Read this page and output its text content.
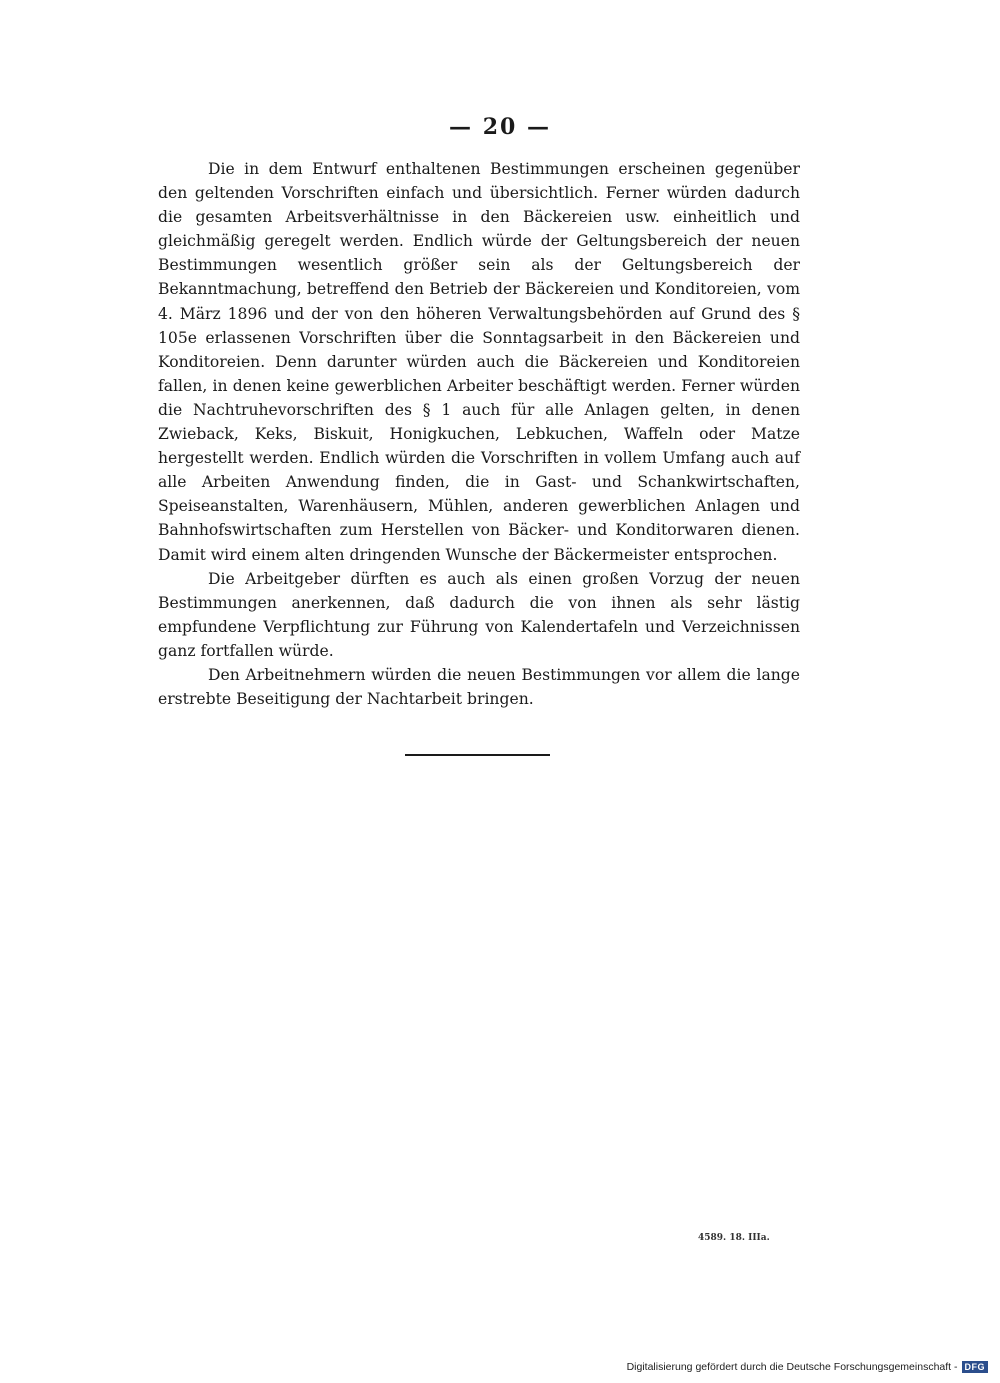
— 20 —

Die in dem Entwurf enthaltenen Bestimmungen erscheinen gegenüber den geltenden Vorschriften einfach und übersichtlich. Ferner würden dadurch die gesamten Arbeitsverhältnisse in den Bäckereien usw. einheitlich und gleichmäßig geregelt werden. Endlich würde der Geltungsbereich der neuen Bestimmungen wesentlich größer sein als der Geltungsbereich der Bekanntmachung, betreffend den Betrieb der Bäckereien und Konditoreien, vom 4. März 1896 und der von den höheren Verwaltungsbehörden auf Grund des § 105e erlassenen Vorschriften über die Sonntagsarbeit in den Bäckereien und Konditoreien. Denn darunter würden auch die Bäckereien und Konditoreien fallen, in denen keine gewerblichen Arbeiter beschäftigt werden. Ferner würden die Nachtruhevorschriften des § 1 auch für alle Anlagen gelten, in denen Zwieback, Keks, Biskuit, Honigkuchen, Lebkuchen, Waffeln oder Matze hergestellt werden. Endlich würden die Vorschriften in vollem Umfang auch auf alle Arbeiten Anwendung finden, die in Gast- und Schankwirtschaften, Speiseanstalten, Warenhäusern, Mühlen, anderen gewerblichen Anlagen und Bahnhofswirtschaften zum Herstellen von Bäcker- und Konditorwaren dienen. Damit wird einem alten dringenden Wunsche der Bäckermeister entsprochen.

Die Arbeitgeber dürften es auch als einen großen Vorzug der neuen Bestimmungen anerkennen, daß dadurch die von ihnen als sehr lästig empfundene Verpflichtung zur Führung von Kalendertafeln und Verzeichnissen ganz fortfallen würde.

Den Arbeitnehmern würden die neuen Bestimmungen vor allem die lange erstrebte Beseitigung der Nachtarbeit bringen.

4589. 18. IIIa.
Digitalisierung gefördert durch die Deutsche Forschungsgemeinschaft - DFG
